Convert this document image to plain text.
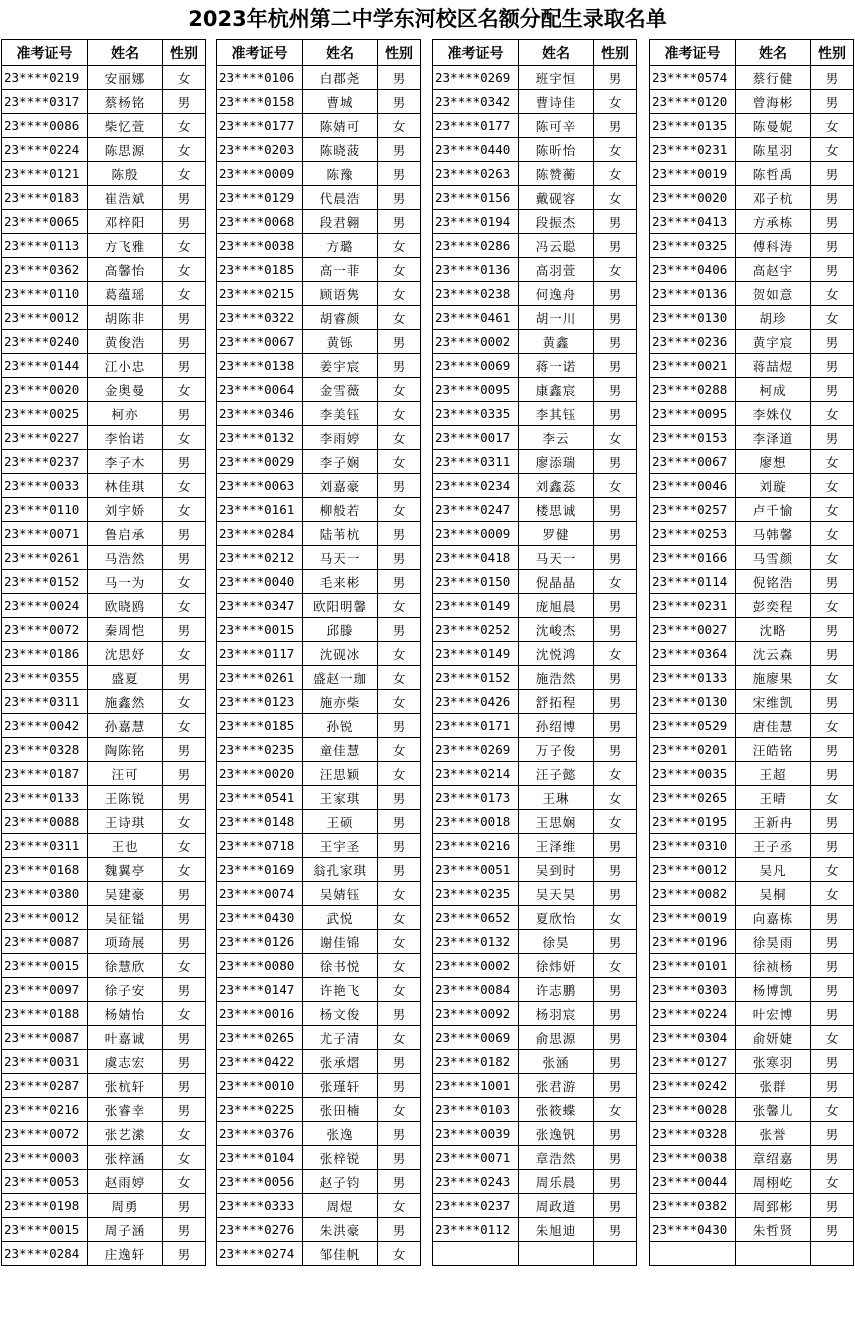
2023年杭州第二中学东河校区名额分配生录取名单
准考证号	姓名	性别
23****0219	安丽娜	女
23****0317	蔡杨铭	男
23****0086	柴忆萱	女
23****0224	陈思源	女
23****0121	陈殷	女
23****0183	崔浩斌	男
23****0065	邓梓阳	男
23****0113	方飞雅	女
23****0362	高馨怡	女
23****0110	葛蕴瑶	女
23****0012	胡陈非	男
23****0240	黄俊浩	男
23****0144	江小忠	男
23****0020	金奥曼	女
23****0025	柯亦	男
23****0227	李怡诺	女
23****0237	李子木	男
23****0033	林佳琪	女
23****0110	刘宇娇	女
23****0071	鲁启承	男
23****0261	马浩然	男
23****0152	马一为	女
23****0024	欧晓鸥	女
23****0072	秦周恺	男
23****0186	沈思妤	女
23****0355	盛夏	男
23****0311	施鑫然	女
23****0042	孙嘉慧	女
23****0328	陶陈铭	男
23****0187	汪可	男
23****0133	王陈锐	男
23****0088	王诗琪	女
23****0311	王也	女
23****0168	魏翼亭	女
23****0380	吴建豪	男
23****0012	吴征镒	男
23****0087	项琦展	男
23****0015	徐慧欣	女
23****0097	徐子安	男
23****0188	杨婧怡	女
23****0087	叶嘉诚	男
23****0031	虞志宏	男
23****0287	张杭轩	男
23****0216	张睿幸	男
23****0072	张艺潆	女
23****0003	张梓涵	女
23****0053	赵雨婷	女
23****0198	周勇	男
23****0015	周子涵	男
23****0284	庄逸轩	男
准考证号	姓名	性别
23****0106	白郡尧	男
23****0158	曹城	男
23****0177	陈婧可	女
23****0203	陈晓菠	男
23****0009	陈豫	男
23****0129	代晨浩	男
23****0068	段君翱	男
23****0038	方璐	女
23****0185	高一菲	女
23****0215	顾语隽	女
23****0322	胡睿颜	女
23****0067	黄铄	男
23****0138	姜宇宸	男
23****0064	金雪薇	女
23****0346	李美钰	女
23****0132	李雨婷	女
23****0029	李子娴	女
23****0063	刘嘉豪	男
23****0161	柳般若	女
23****0284	陆苇杭	男
23****0212	马天一	男
23****0040	毛来彬	男
23****0347	欧阳明馨	女
23****0015	邱滕	男
23****0117	沈砚冰	女
23****0261	盛赵一珈	女
23****0123	施亦柴	女
23****0185	孙锐	男
23****0235	童佳慧	女
23****0020	汪思颖	女
23****0541	王家琪	男
23****0148	王硕	男
23****0718	王宇圣	男
23****0169	翁孔家琪	男
23****0074	吴婧钰	女
23****0430	武悦	女
23****0126	谢佳锦	女
23****0080	徐书悦	女
23****0147	许艳飞	女
23****0016	杨文俊	男
23****0265	尤子清	女
23****0422	张承熠	男
23****0010	张瑾轩	男
23****0225	张田楠	女
23****0376	张逸	男
23****0104	张梓锐	男
23****0056	赵子钧	男
23****0333	周煜	女
23****0276	朱洪豪	男
23****0274	邹佳帆	女
准考证号	姓名	性别
23****0269	班宇恒	男
23****0342	曹诗佳	女
23****0177	陈可辛	男
23****0440	陈昕怡	女
23****0263	陈赞蘅	女
23****0156	戴砚容	女
23****0194	段振杰	男
23****0286	冯云聪	男
23****0136	高羽萱	女
23****0238	何逸舟	男
23****0461	胡一川	男
23****0002	黄鑫	男
23****0069	蒋一诺	男
23****0095	康鑫宸	男
23****0335	李其钰	男
23****0017	李云	女
23****0311	廖添瑞	男
23****0234	刘鑫蕊	女
23****0247	楼思诚	男
23****0009	罗健	男
23****0418	马天一	男
23****0150	倪晶晶	女
23****0149	庞旭晨	男
23****0252	沈峻杰	男
23****0149	沈悦鸿	女
23****0152	施浩然	男
23****0426	舒拓程	男
23****0171	孙绍博	男
23****0269	万子俊	男
23****0214	汪子懿	女
23****0173	王琳	女
23****0018	王思娴	女
23****0216	王泽维	男
23****0051	吴到时	男
23****0235	吴天昊	男
23****0652	夏欣怡	女
23****0132	徐昊	男
23****0002	徐炜妍	女
23****0084	许志鹏	男
23****0092	杨羽宸	男
23****0069	俞思源	男
23****0182	张涵	男
23****1001	张君游	男
23****0103	张筱蝶	女
23****0039	张逸钒	男
23****0071	章浩然	男
23****0243	周乐晨	男
23****0237	周政道	男
23****0112	朱旭迪	男

准考证号	姓名	性别
23****0574	蔡行健	男
23****0120	曾海彬	男
23****0135	陈曼妮	女
23****0231	陈星羽	女
23****0019	陈哲禹	男
23****0020	邓子杭	男
23****0413	方承栋	男
23****0325	傅科涛	男
23****0406	高赵宇	男
23****0136	贺如意	女
23****0130	胡珍	女
23****0236	黄宇宸	男
23****0021	蒋喆煜	男
23****0288	柯成	男
23****0095	李姝仪	女
23****0153	李泽道	男
23****0067	廖想	女
23****0046	刘璇	女
23****0257	卢千愉	女
23****0253	马韩馨	女
23****0166	马雪颜	女
23****0114	倪铭浩	男
23****0231	彭奕程	女
23****0027	沈略	男
23****0364	沈云森	男
23****0133	施廖果	女
23****0130	宋维凯	男
23****0529	唐佳慧	女
23****0201	汪皓铭	男
23****0035	王超	男
23****0265	王晴	女
23****0195	王新冉	男
23****0310	王子丞	男
23****0012	吴凡	女
23****0082	吴桐	女
23****0019	向嘉栋	男
23****0196	徐昊雨	男
23****0101	徐祯杨	男
23****0303	杨博凯	男
23****0224	叶宏博	男
23****0304	俞妍婕	女
23****0127	张寒羽	男
23****0242	张群	男
23****0028	张馨儿	女
23****0328	张誉	男
23****0038	章绍嘉	男
23****0044	周栩屹	女
23****0382	周郅彬	男
23****0430	朱哲贤	男
